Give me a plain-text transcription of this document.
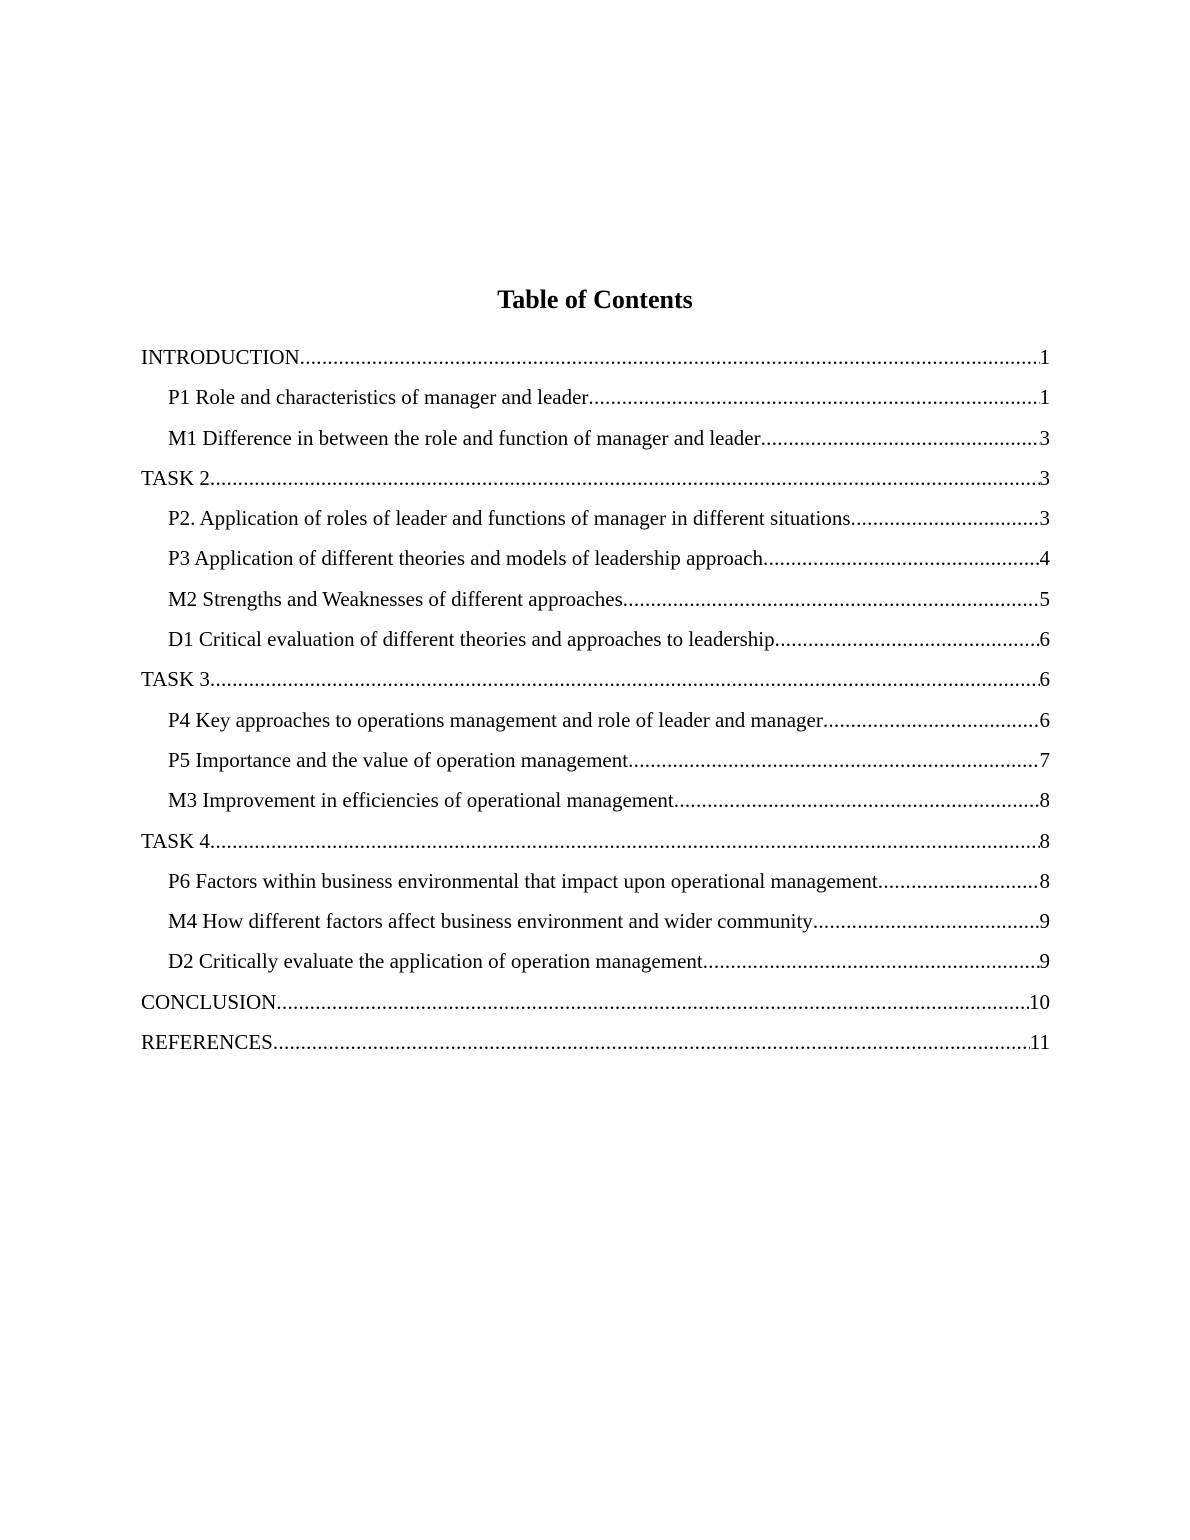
Table of Contents
INTRODUCTION .....	1
P1 Role and characteristics of manager and leader .....	1
M1 Difference in between the role and function of manager and leader .....	3
TASK 2 .....	3
P2. Application of roles of leader and functions of manager in different situations .....	3
P3 Application of different theories and models of leadership approach .....	4
M2 Strengths and Weaknesses of different approaches .....	5
D1 Critical evaluation of different theories and approaches to leadership .....	6
TASK 3 .....	6
P4 Key approaches to operations management and role of leader and manager .....	6
P5 Importance and the value of operation management .....	7
M3 Improvement in efficiencies of operational management .....	8
TASK 4 .....	8
P6 Factors within business environmental that impact upon operational management .....	8
M4 How different factors affect business environment and wider community .....	9
D2 Critically evaluate the application of operation management .....	9
CONCLUSION .....	10
REFERENCES .....	11
